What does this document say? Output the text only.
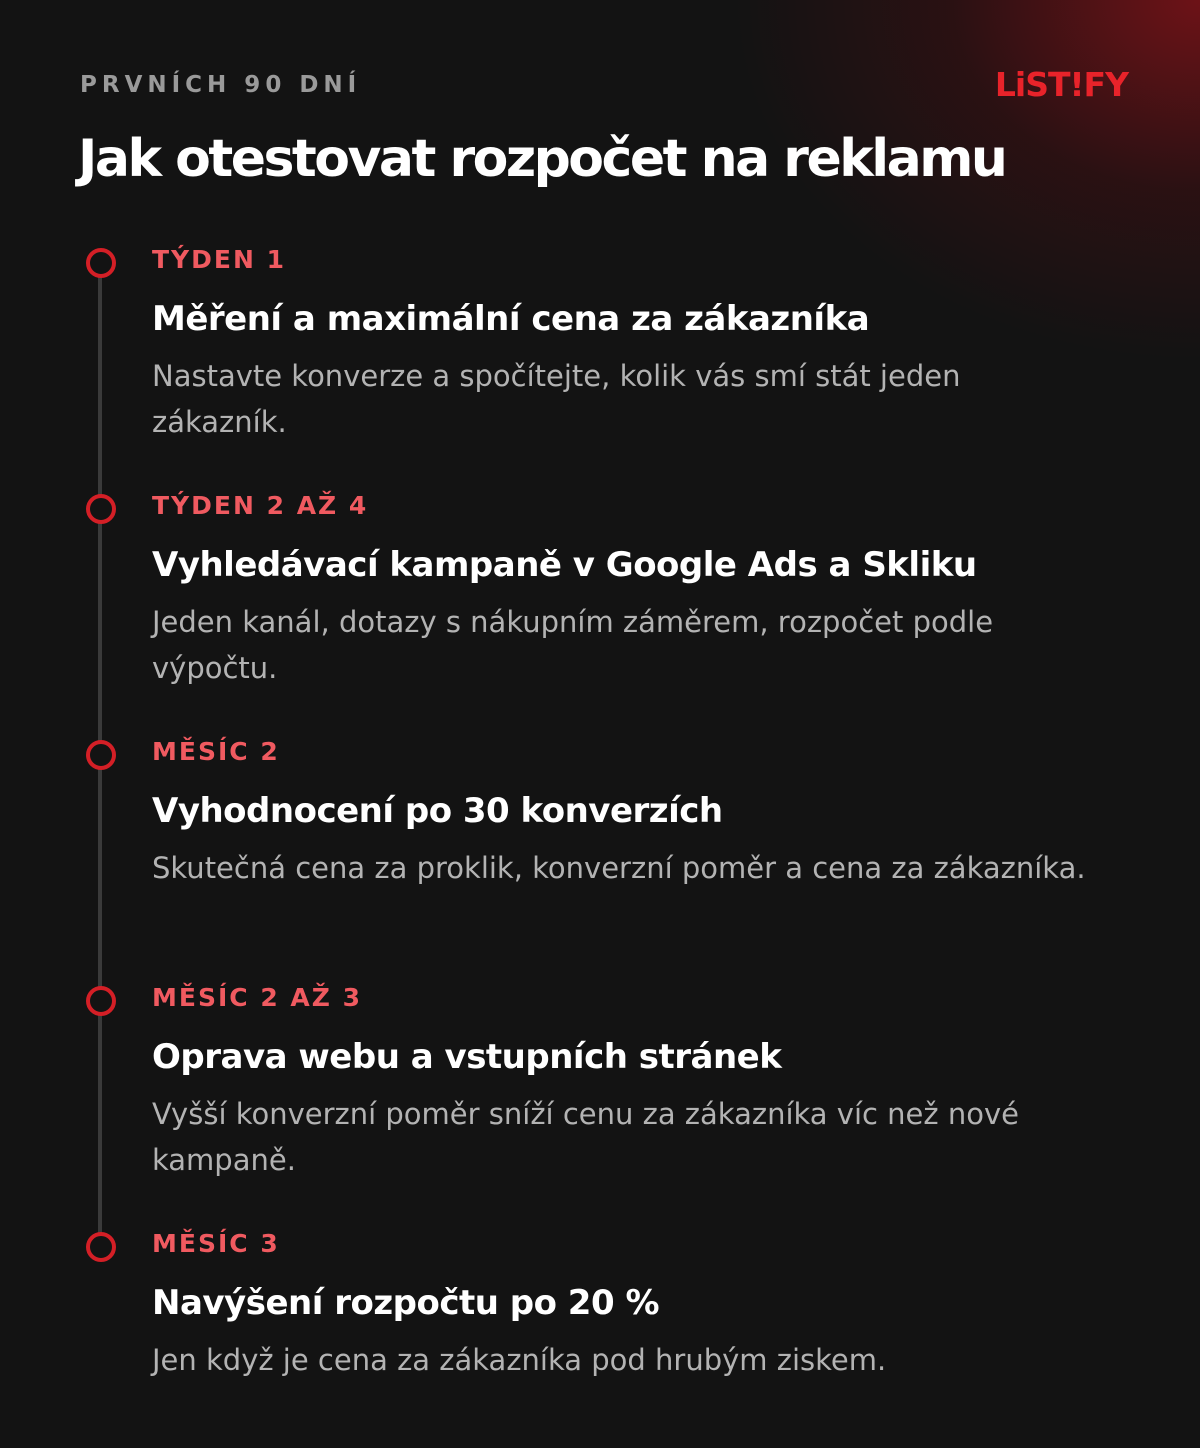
PRVNÍCH 90 DNÍ	LiST!FY
Jak otestovat rozpočet na reklamu
TÝDEN 1
Měření a maximální cena za zákazníka
Nastavte konverze a spočítejte, kolik vás smí stát jeden zákazník.
TÝDEN 2 AŽ 4
Vyhledávací kampaně v Google Ads a Skliku
Jeden kanál, dotazy s nákupním záměrem, rozpočet podle výpočtu.
MĚSÍC 2
Vyhodnocení po 30 konverzích
Skutečná cena za proklik, konverzní poměr a cena za zákazníka.
MĚSÍC 2 AŽ 3
Oprava webu a vstupních stránek
Vyšší konverzní poměr sníží cenu za zákazníka víc než nové kampaně.
MĚSÍC 3
Navýšení rozpočtu po 20 %
Jen když je cena za zákazníka pod hrubým ziskem.
